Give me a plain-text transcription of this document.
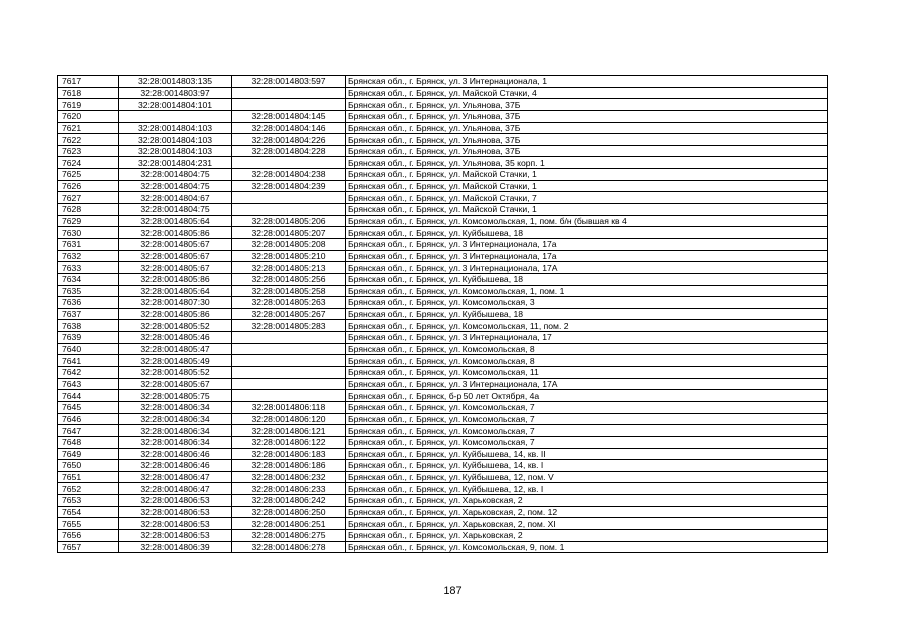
7617	32:28:0014803:135	32:28:0014803:597	Брянская обл., г. Брянск, ул. 3 Интернационала, 1
7618	32:28:0014803:97		Брянская обл., г. Брянск, ул. Майской Стачки, 4
7619	32:28:0014804:101		Брянская обл., г. Брянск, ул. Ульянова, 37Б
7620		32:28:0014804:145	Брянская обл., г. Брянск, ул. Ульянова, 37Б
7621	32:28:0014804:103	32:28:0014804:146	Брянская обл., г. Брянск, ул. Ульянова, 37Б
7622	32:28:0014804:103	32:28:0014804:226	Брянская обл., г. Брянск, ул. Ульянова, 37Б
7623	32:28:0014804:103	32:28:0014804:228	Брянская обл., г. Брянск, ул. Ульянова, 37Б
7624	32:28:0014804:231		Брянская обл., г. Брянск, ул. Ульянова, 35 корп. 1
7625	32:28:0014804:75	32:28:0014804:238	Брянская обл., г. Брянск, ул. Майской Стачки, 1
7626	32:28:0014804:75	32:28:0014804:239	Брянская обл., г. Брянск, ул. Майской Стачки, 1
7627	32:28:0014804:67		Брянская обл., г. Брянск, ул. Майской Стачки, 7
7628	32:28:0014804:75		Брянская обл., г. Брянск, ул. Майской Стачки, 1
7629	32:28:0014805:64	32:28:0014805:206	Брянская обл., г. Брянск, ул. Комсомольская, 1, пом. б/н (бывшая кв 4
7630	32:28:0014805:86	32:28:0014805:207	Брянская обл., г. Брянск, ул. Куйбышева, 18
7631	32:28:0014805:67	32:28:0014805:208	Брянская обл., г. Брянск, ул. 3 Интернационала, 17а
7632	32:28:0014805:67	32:28:0014805:210	Брянская обл., г. Брянск, ул. 3 Интернационала, 17а
7633	32:28:0014805:67	32:28:0014805:213	Брянская обл., г. Брянск, ул. 3 Интернационала, 17А
7634	32:28:0014805:86	32:28:0014805:256	Брянская обл., г. Брянск, ул. Куйбышева, 18
7635	32:28:0014805:64	32:28:0014805:258	Брянская обл., г. Брянск, ул. Комсомольская, 1, пом. 1
7636	32:28:0014807:30	32:28:0014805:263	Брянская обл., г. Брянск, ул. Комсомольская, 3
7637	32:28:0014805:86	32:28:0014805:267	Брянская обл., г. Брянск, ул. Куйбышева, 18
7638	32:28:0014805:52	32:28:0014805:283	Брянская обл., г. Брянск, ул. Комсомольская, 11, пом. 2
7639	32:28:0014805:46		Брянская обл., г. Брянск, ул. 3 Интернационала, 17
7640	32:28:0014805:47		Брянская обл., г. Брянск, ул. Комсомольская, 8
7641	32:28:0014805:49		Брянская обл., г. Брянск, ул. Комсомольская, 8
7642	32:28:0014805:52		Брянская обл., г. Брянск, ул. Комсомольская, 11
7643	32:28:0014805:67		Брянская обл., г. Брянск, ул. 3 Интернационала, 17А
7644	32:28:0014805:75		Брянская обл., г. Брянск, б-р 50 лет Октября, 4а
7645	32:28:0014806:34	32:28:0014806:118	Брянская обл., г. Брянск, ул. Комсомольская, 7
7646	32:28:0014806:34	32:28:0014806:120	Брянская обл., г. Брянск, ул. Комсомольская, 7
7647	32:28:0014806:34	32:28:0014806:121	Брянская обл., г. Брянск, ул. Комсомольская, 7
7648	32:28:0014806:34	32:28:0014806:122	Брянская обл., г. Брянск, ул. Комсомольская, 7
7649	32:28:0014806:46	32:28:0014806:183	Брянская обл., г. Брянск, ул. Куйбышева, 14, кв. II
7650	32:28:0014806:46	32:28:0014806:186	Брянская обл., г. Брянск, ул. Куйбышева, 14, кв. I
7651	32:28:0014806:47	32:28:0014806:232	Брянская обл., г. Брянск, ул. Куйбышева, 12, пом. V
7652	32:28:0014806:47	32:28:0014806:233	Брянская обл., г. Брянск, ул. Куйбышева, 12, кв. I
7653	32:28:0014806:53	32:28:0014806:242	Брянская обл., г. Брянск, ул. Харьковская, 2
7654	32:28:0014806:53	32:28:0014806:250	Брянская обл., г. Брянск, ул. Харьковская, 2, пом. 12
7655	32:28:0014806:53	32:28:0014806:251	Брянская обл., г. Брянск, ул. Харьковская, 2, пом. XI
7656	32:28:0014806:53	32:28:0014806:275	Брянская обл., г. Брянск, ул. Харьковская, 2
7657	32:28:0014806:39	32:28:0014806:278	Брянская обл., г. Брянск, ул. Комсомольская, 9, пом. 1
187
